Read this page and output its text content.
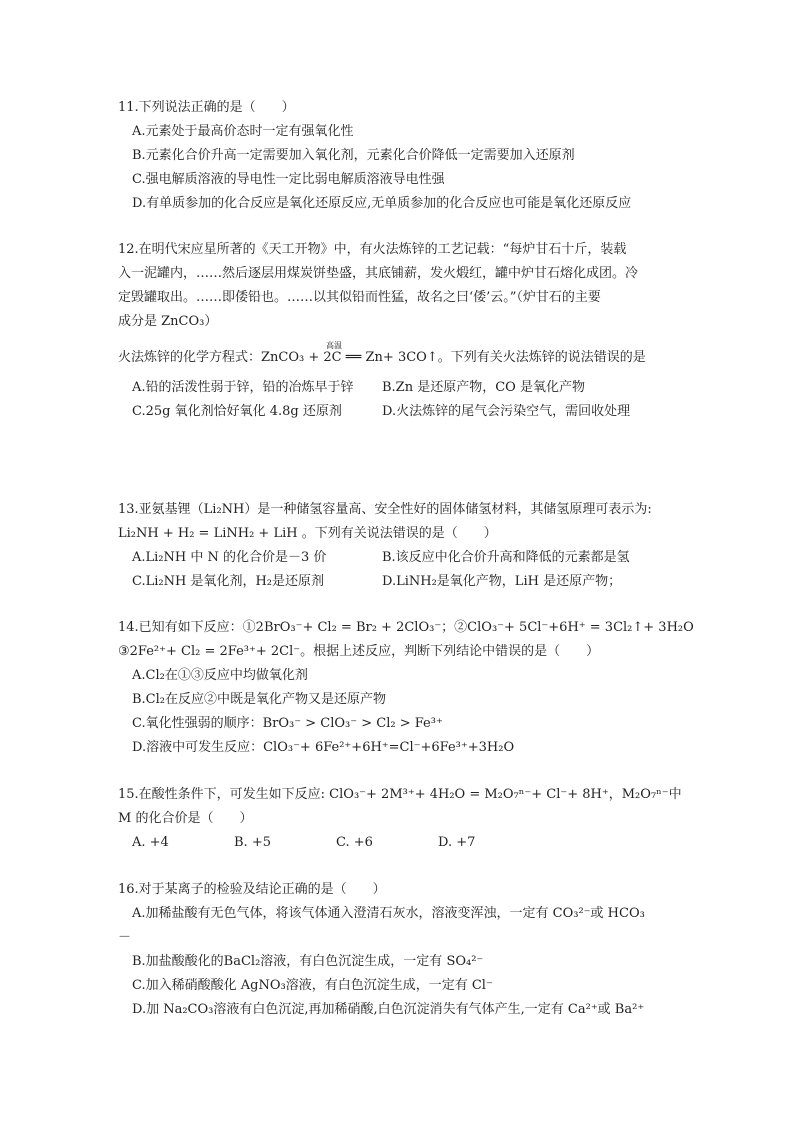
11.下列说法正确的是（　　）
A.元素处于最高价态时一定有强氧化性
B.元素化合价升高一定需要加入氧化剂，元素化合价降低一定需要加入还原剂
C.强电解质溶液的导电性一定比弱电解质溶液导电性强
D.有单质参加的化合反应是氧化还原反应,无单质参加的化合反应也可能是氧化还原反应
12.在明代宋应星所著的《天工开物》中，有火法炼锌的工艺记载：“每炉甘石十斤，装载
入一泥罐内，……然后逐层用煤炭饼垫盛，其底铺薪，发火煅红，罐中炉甘石熔化成团。冷
定毁罐取出。……即倭铅也。……以其似铅而性猛，故名之曰‘倭’云。”（炉甘石的主要
成分是 ZnCO₃）
火法炼锌的化学方程式：ZnCO₃ + 2C ══ Zn+ 3CO↑。下列有关火法炼锌的说法错误的是
高温
A.铅的活泼性弱于锌，铅的冶炼早于锌	B.Zn 是还原产物，CO 是氧化产物
C.25g 氧化剂恰好氧化 4.8g 还原剂	D.火法炼锌的尾气会污染空气，需回收处理
13.亚氨基锂（Li₂NH）是一种储氢容量高、安全性好的固体储氢材料，其储氢原理可表示为:
Li₂NH + H₂ = LiNH₂ + LiH 。下列有关说法错误的是（　　）
A.Li₂NH 中 N 的化合价是－3 价	B.该反应中化合价升高和降低的元素都是氢
C.Li₂NH 是氧化剂，H₂是还原剂	D.LiNH₂是氧化产物，LiH 是还原产物；
14.已知有如下反应：①2BrO₃⁻+ Cl₂ = Br₂ + 2ClO₃⁻；②ClO₃⁻+ 5Cl⁻+6H⁺ = 3Cl₂↑+ 3H₂O
③2Fe²⁺+ Cl₂ = 2Fe³⁺+ 2Cl⁻。根据上述反应，判断下列结论中错误的是（　　）
A.Cl₂在①③反应中均做氧化剂
B.Cl₂在反应②中既是氧化产物又是还原产物
C.氧化性强弱的顺序：BrO₃⁻ > ClO₃⁻ > Cl₂ > Fe³⁺
D.溶液中可发生反应：ClO₃⁻+ 6Fe²⁺+6H⁺=Cl⁻+6Fe³⁺+3H₂O
15.在酸性条件下，可发生如下反应: ClO₃⁻+ 2M³⁺+ 4H₂O = M₂O₇ⁿ⁻+ Cl⁻+ 8H⁺，M₂O₇ⁿ⁻中
M 的化合价是（　　）
A. +4	B. +5	C. +6	D. +7
16.对于某离子的检验及结论正确的是（　　）
A.加稀盐酸有无色气体，将该气体通入澄清石灰水，溶液变浑浊，一定有 CO₃²⁻或 HCO₃
－
B.加盐酸酸化的BaCl₂溶液，有白色沉淀生成，一定有 SO₄²⁻
C.加入稀硝酸酸化 AgNO₃溶液，有白色沉淀生成，一定有 Cl⁻
D.加 Na₂CO₃溶液有白色沉淀,再加稀硝酸,白色沉淀消失有气体产生,一定有 Ca²⁺或 Ba²⁺
